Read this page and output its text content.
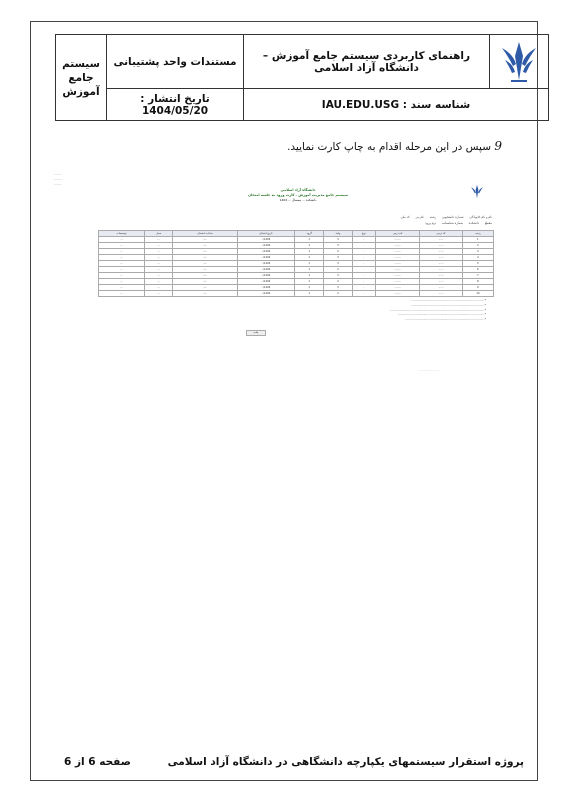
	راهنمای کاربردی سیستم جامع آموزش –دانشگاه آزاد اسلامی	مستندات واحد پشتیبانی	سیستم جامع آموزش
شناسه سند : IAU.EDU.USG		تاریخ انتشار : 1404/05/20	
9 سپس در این مرحله اقدام به چاپ کارت نمایید.
........
........
........
دانشگاه آزاد اسلامی
سیستم جامع مدیریت آموزش ـ کارت ورود به جلسه امتحان
دانشکده ... نیمسال ... 1404
نام و نام خانوادگی      شماره دانشجویی      رشته      نام پدر      کد ملی
مقطع      دانشکده      شماره شناسنامه      ترم ورود
ردیف	کد درس	نام درس	نوع	واحد	گروه	تاریخ امتحان	ساعت امتحان	محل	توضیحات
1	......	........	.	3	1	1404/..	..:..	...	...
2	......	........	.	3	1	1404/..	..:..	...	...
3	......	........	.	2	1	1404/..	..:..	...	...
4	......	........	.	3	1	1404/..	..:..	...	...
5	......	........	.	3	1	1404/..	..:..	...	...
6	......	........	.	2	1	1404/..	..:..	...	...
7	......	........	.	3	1	1404/..	..:..	...	...
8	......	........	.	2	1	1404/..	..:..	...	...
9	......	........	.	3	1	1404/..	..:..	...	...
10	......	........	.	2	1	1404/..	..:..	...	...
* ............................................................................
* ............................................................................
* ..................................................................................................
* ..........................................................................................
* ..................................................................................
چاپ
........................
پروژه استقرار سیستمهای یکپارچه دانشگاهی در دانشگاه آزاد اسلامی
صفحه 6 از 6
